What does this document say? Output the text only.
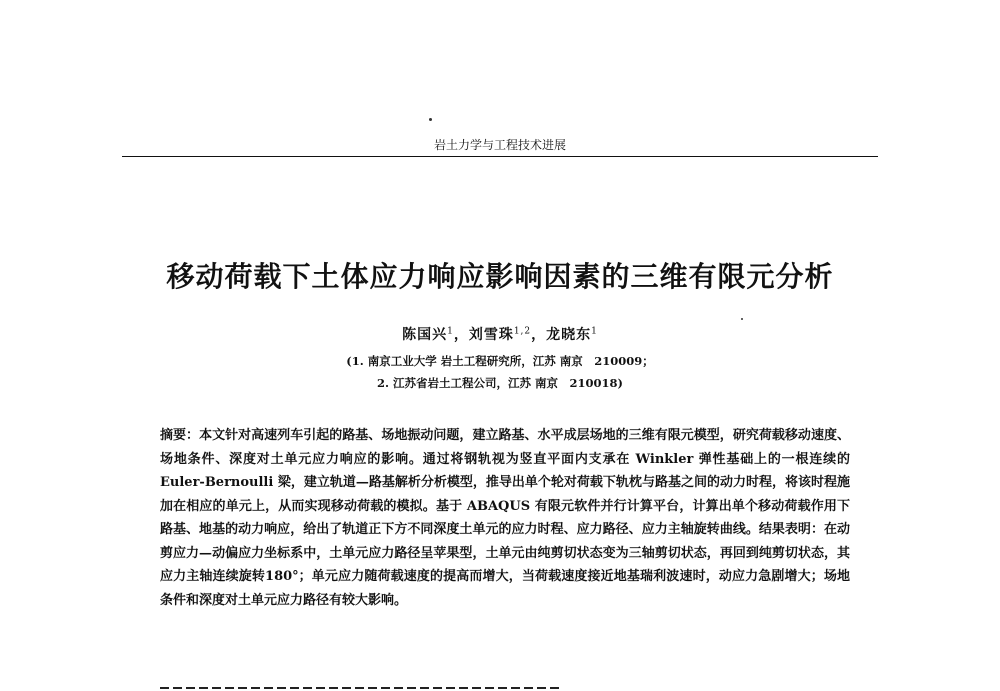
岩土力学与工程技术进展
移动荷载下土体应力响应影响因素的三维有限元分析
陈国兴$^1$，刘雪珠$^{1,2}$，龙晓东$^1$
(1. 南京工业大学 岩土工程研究所，江苏 南京　210009；
2. 江苏省岩土工程公司，江苏 南京　210018)

摘要：本文针对高速列车引起的路基、场地振动问题，建立路基、水平成层场地的三维有限元模型，研究荷载移动速度、场地条件、深度对土单元应力响应的影响。通过将钢轨视为竖直平面内支承在 Winkler 弹性基础上的一根连续的 Euler-Bernoulli 梁，建立轨道—路基解析分析模型，推导出单个轮对荷载下轨枕与路基之间的动力时程，将该时程施加在相应的单元上，从而实现移动荷载的模拟。基于 ABAQUS 有限元软件并行计算平台，计算出单个移动荷载作用下路基、地基的动力响应，给出了轨道正下方不同深度土单元的应力时程、应力路径、应力主轴旋转曲线。结果表明：在动剪应力—动偏应力坐标系中，土单元应力路径呈苹果型，土单元由纯剪切状态变为三轴剪切状态，再回到纯剪切状态，其应力主轴连续旋转180°；单元应力随荷载速度的提高而增大，当荷载速度接近地基瑞利波速时，动应力急剧增大；场地条件和深度对土单元应力路径有较大影响。
